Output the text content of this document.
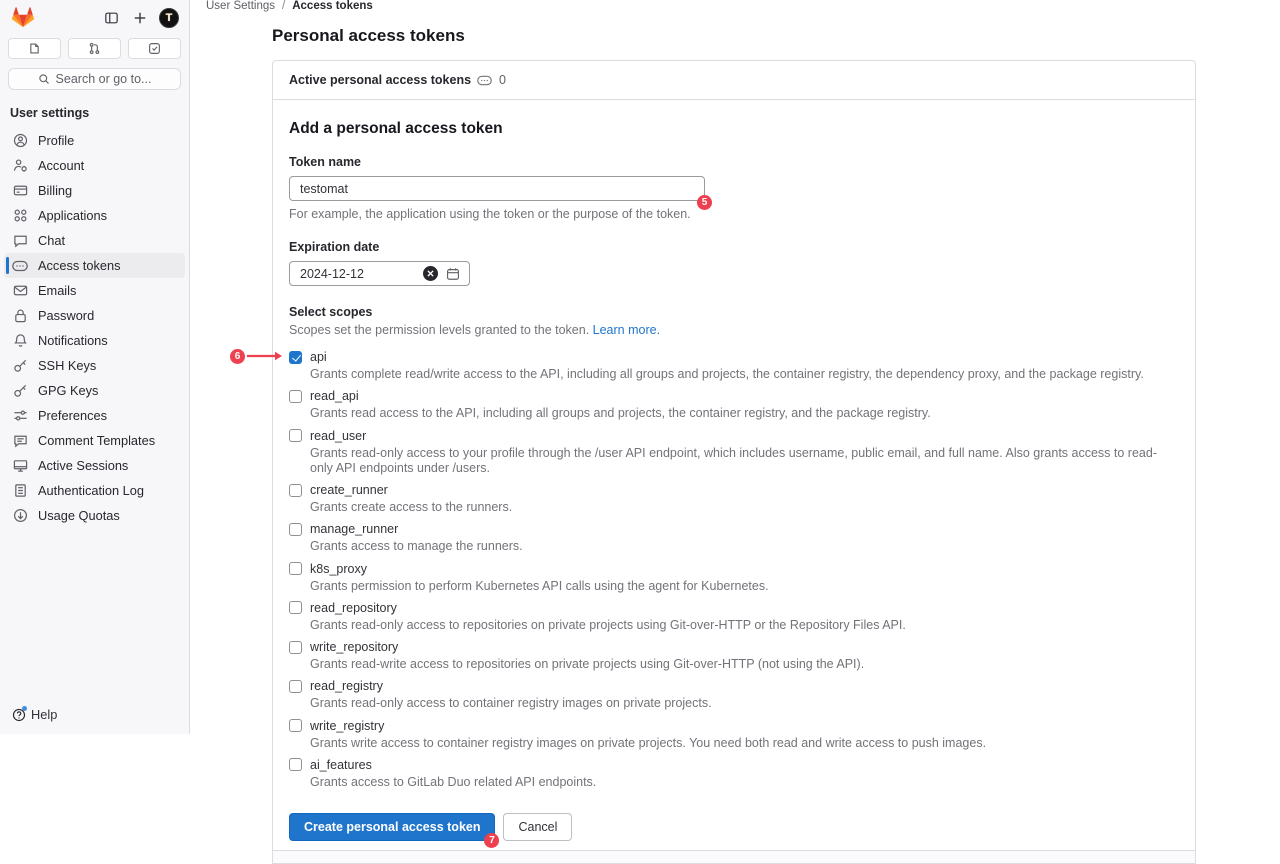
T
Search or go to...
User settings
Profile
Account
Billing
Applications
Chat
Access tokens
Emails
Password
Notifications
SSH Keys
GPG Keys
Preferences
Comment Templates
Active Sessions
Authentication Log
Usage Quotas
Help
User Settings / Access tokens
Personal access tokens
Active personal access tokens 0
Add a personal access token
Token name
testomat
5
For example, the application using the token or the purpose of the token.
Expiration date
2024-12-12
Select scopes
Scopes set the permission levels granted to the token. Learn more.
api
Grants complete read/write access to the API, including all groups and projects, the container registry, the dependency proxy, and the package registry.
6
read_api
Grants read access to the API, including all groups and projects, the container registry, and the package registry.
read_user
Grants read-only access to your profile through the /user API endpoint, which includes username, public email, and full name. Also grants access to read-only API endpoints under /users.
create_runner
Grants create access to the runners.
manage_runner
Grants access to manage the runners.
k8s_proxy
Grants permission to perform Kubernetes API calls using the agent for Kubernetes.
read_repository
Grants read-only access to repositories on private projects using Git-over-HTTP or the Repository Files API.
write_repository
Grants read-write access to repositories on private projects using Git-over-HTTP (not using the API).
read_registry
Grants read-only access to container registry images on private projects.
write_registry
Grants write access to container registry images on private projects. You need both read and write access to push images.
ai_features
Grants access to GitLab Duo related API endpoints.
Create personal access token
7
Cancel
